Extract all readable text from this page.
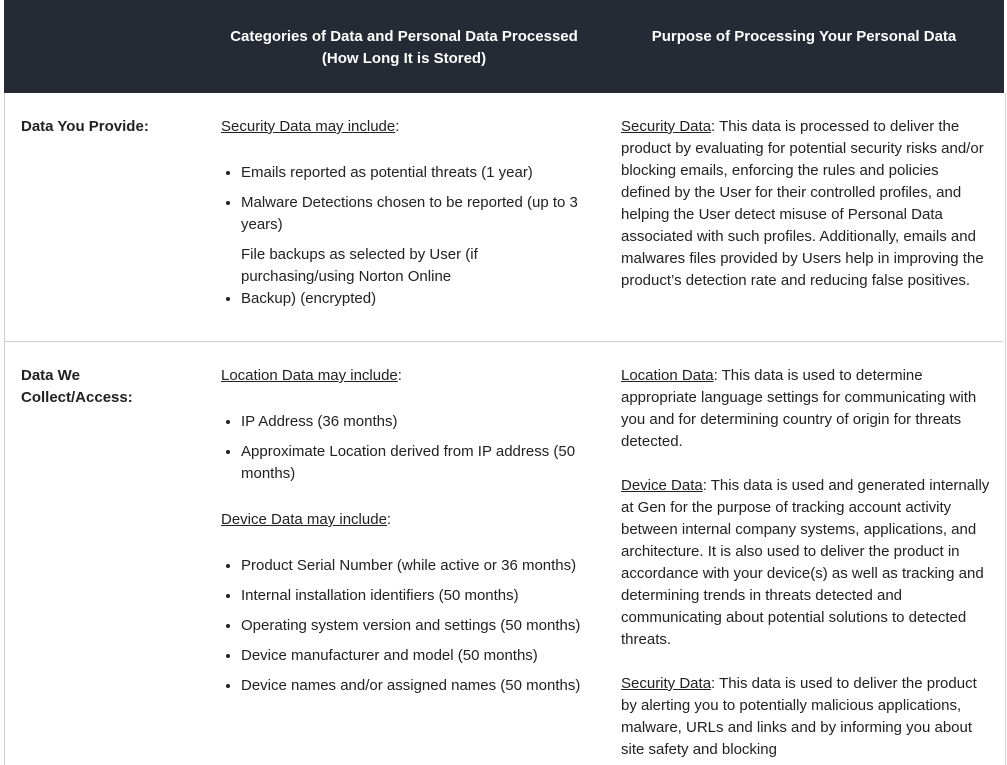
Categories of Data and Personal Data Processed
(How Long It is Stored)
Purpose of Processing Your Personal Data
Data You Provide:	Security Data may include:

• Emails reported as potential threats (1 year)
• Malware Detections chosen to be reported (up to 3 years)
• File backups as selected by User (if purchasing/using Norton Online Backup) (encrypted)

Security Data: This data is processed to deliver the product by evaluating for potential security risks and/or blocking emails, enforcing the rules and policies defined by the User for their controlled profiles, and helping the User detect misuse of Personal Data associated with such profiles. Additionally, emails and malwares files provided by Users help in improving the product’s detection rate and reducing false positives.

Data We
Collect/Access:

Location Data may include:

• IP Address (36 months)
• Approximate Location derived from IP address (50 months)

Device Data may include:

• Product Serial Number (while active or 36 months)
• Internal installation identifiers (50 months)
• Operating system version and settings (50 months)
• Device manufacturer and model (50 months)
• Device names and/or assigned names (50 months)

Location Data: This data is used to determine appropriate language settings for communicating with you and for determining country of origin for threats detected.

Device Data: This data is used and generated internally at Gen for the purpose of tracking account activity between internal company systems, applications, and architecture. It is also used to deliver the product in accordance with your device(s) as well as tracking and determining trends in threats detected and communicating about potential solutions to detected threats.

Security Data: This data is used to deliver the product by alerting you to potentially malicious applications, malware, URLs and links and by informing you about site safety and blocking
